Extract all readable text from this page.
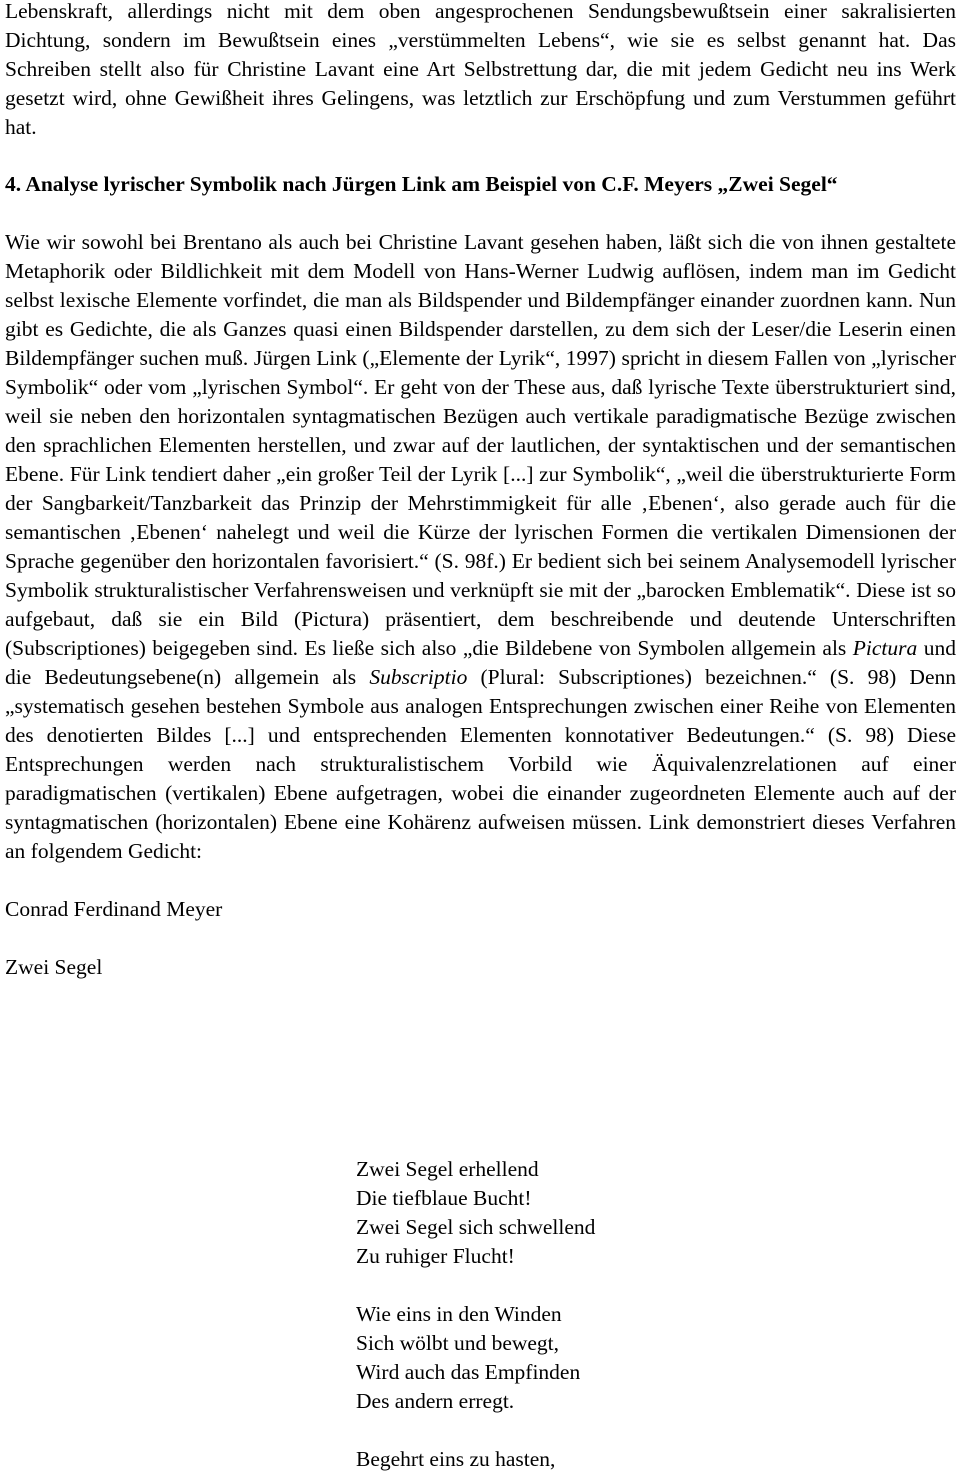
Lebenskraft, allerdings nicht mit dem oben angesprochenen Sendungsbewußtsein einer sakralisierten Dichtung, sondern im Bewußtsein eines „verstümmelten Lebens“, wie sie es selbst genannt hat. Das Schreiben stellt also für Christine Lavant eine Art Selbstrettung dar, die mit jedem Gedicht neu ins Werk gesetzt wird, ohne Gewißheit ihres Gelingens, was letztlich zur Erschöpfung und zum Verstummen geführt hat.

4. Analyse lyrischer Symbolik nach Jürgen Link am Beispiel von C.F. Meyers „Zwei Segel“

Wie wir sowohl bei Brentano als auch bei Christine Lavant gesehen haben, läßt sich die von ihnen gestaltete Metaphorik oder Bildlichkeit mit dem Modell von Hans-Werner Ludwig auflösen, indem man im Gedicht selbst lexische Elemente vorfindet, die man als Bildspender und Bildempfänger einander zuordnen kann. Nun gibt es Gedichte, die als Ganzes quasi einen Bildspender darstellen, zu dem sich der Leser/die Leserin einen Bildempfänger suchen muß. Jürgen Link („Elemente der Lyrik“, 1997) spricht in diesem Fallen von „lyrischer Symbolik“ oder vom „lyrischen Symbol“. Er geht von der These aus, daß lyrische Texte überstrukturiert sind, weil sie neben den horizontalen syntagmatischen Bezügen auch vertikale paradigmatische Bezüge zwischen den sprachlichen Elementen herstellen, und zwar auf der lautlichen, der syntaktischen und der semantischen Ebene. Für Link tendiert daher „ein großer Teil der Lyrik [...] zur Symbolik“, „weil die überstrukturierte Form der Sangbarkeit/Tanzbarkeit das Prinzip der Mehrstimmigkeit für alle ‚Ebenen‘, also gerade auch für die semantischen ‚Ebenen‘ nahelegt und weil die Kürze der lyrischen Formen die vertikalen Dimensionen der Sprache gegenüber den horizontalen favorisiert.“ (S. 98f.) Er bedient sich bei seinem Analysemodell lyrischer Symbolik strukturalistischer Verfahrensweisen und verknüpft sie mit der „barocken Emblematik“. Diese ist so aufgebaut, daß sie ein Bild (Pictura) präsentiert, dem beschreibende und deutende Unterschriften (Subscriptiones) beigegeben sind. Es ließe sich also „die Bildebene von Symbolen allgemein als Pictura und die Bedeutungsebene(n) allgemein als Subscriptio (Plural: Subscriptiones) bezeichnen.“ (S. 98) Denn „systematisch gesehen bestehen Symbole aus analogen Entsprechungen zwischen einer Reihe von Elementen des denotierten Bildes [...] und entsprechenden Elementen konnotativer Bedeutungen.“ (S. 98) Diese Entsprechungen werden nach strukturalistischem Vorbild wie Äquivalenzrelationen auf einer paradigmatischen (vertikalen) Ebene aufgetragen, wobei die einander zugeordneten Elemente auch auf der syntagmatischen (horizontalen) Ebene eine Kohärenz aufweisen müssen. Link demonstriert dieses Verfahren an folgendem Gedicht:

Conrad Ferdinand Meyer

Zwei Segel

Zwei Segel erhellend
Die tiefblaue Bucht!
Zwei Segel sich schwellend
Zu ruhiger Flucht!

Wie eins in den Winden
Sich wölbt und bewegt,
Wird auch das Empfinden
Des andern erregt.

Begehrt eins zu hasten,
